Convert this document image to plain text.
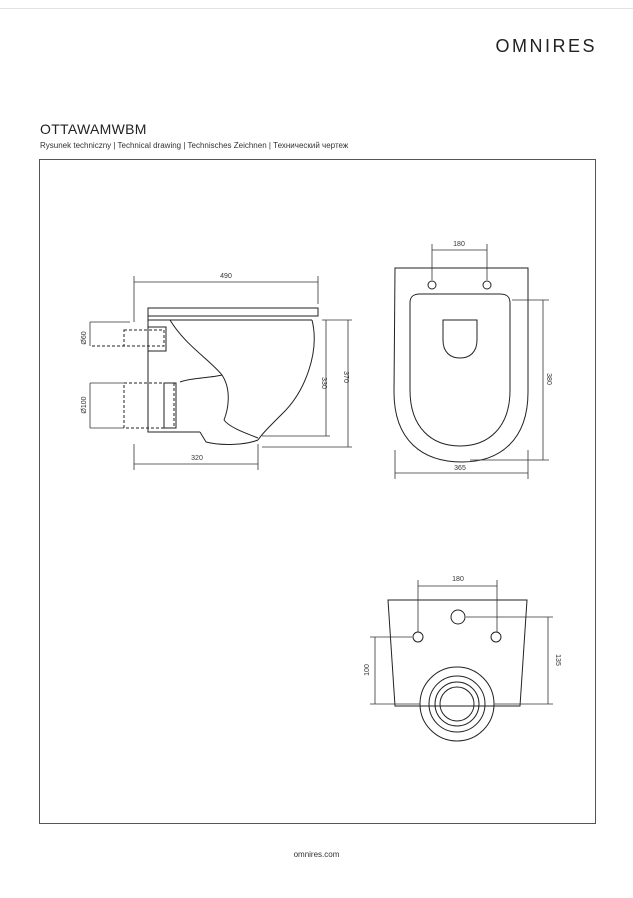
OMNIRES
OTTAWAMWBM
Rysunek techniczny | Technical drawing | Technisches Zeichnen | Технический чертеж
490
320
370
330
Ø60
Ø100
180
380
365
180
100
135
omnires.com
